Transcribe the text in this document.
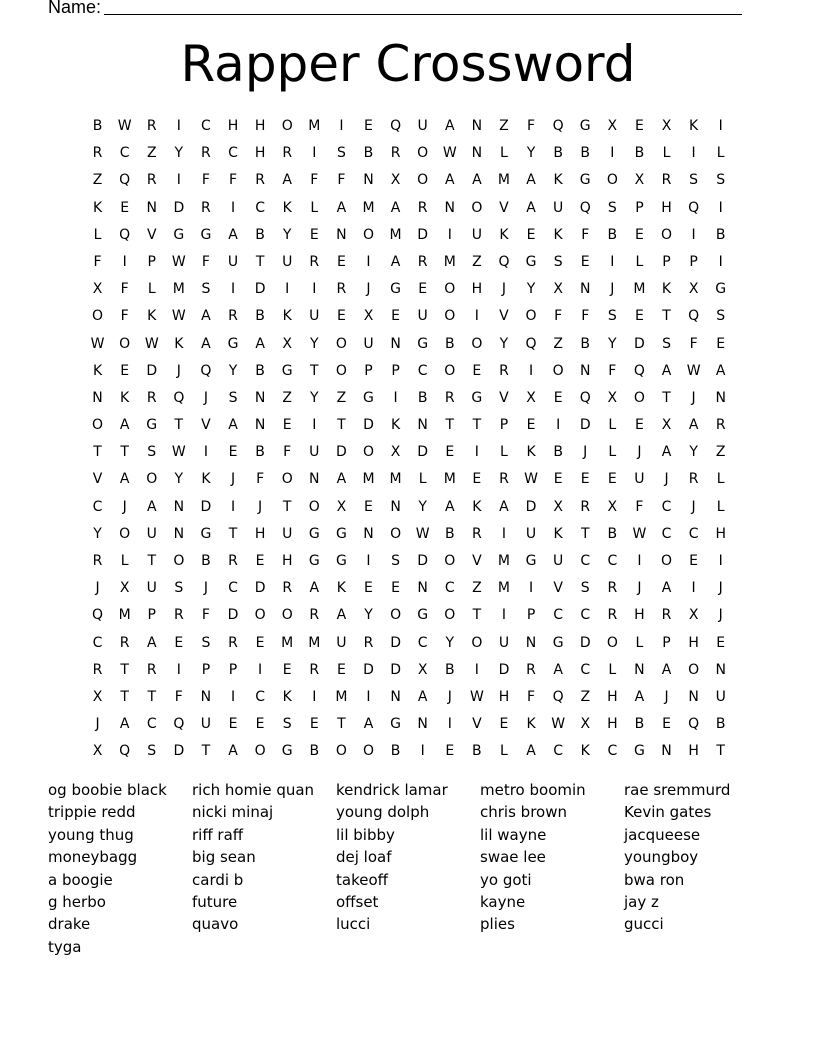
Name:
Rapper Crossword
B	W	R	I	C	H	H	O	M	I	E	Q	U	A	N	Z	F	Q	G	X	E	X	K	I
R	C	Z	Y	R	C	H	R	I	S	B	R	O	W	N	L	Y	B	B	I	B	L	I	L
Z	Q	R	I	F	F	R	A	F	F	N	X	O	A	A	M	A	K	G	O	X	R	S	S
K	E	N	D	R	I	C	K	L	A	M	A	R	N	O	V	A	U	Q	S	P	H	Q	I
L	Q	V	G	G	A	B	Y	E	N	O	M	D	I	U	K	E	K	F	B	E	O	I	B
F	I	P	W	F	U	T	U	R	E	I	A	R	M	Z	Q	G	S	E	I	L	P	P	I
X	F	L	M	S	I	D	I	I	R	J	G	E	O	H	J	Y	X	N	J	M	K	X	G
O	F	K	W	A	R	B	K	U	E	X	E	U	O	I	V	O	F	F	S	E	T	Q	S
W	O	W	K	A	G	A	X	Y	O	U	N	G	B	O	Y	Q	Z	B	Y	D	S	F	E
K	E	D	J	Q	Y	B	G	T	O	P	P	C	O	E	R	I	O	N	F	Q	A	W	A
N	K	R	Q	J	S	N	Z	Y	Z	G	I	B	R	G	V	X	E	Q	X	O	T	J	N
O	A	G	T	V	A	N	E	I	T	D	K	N	T	T	P	E	I	D	L	E	X	A	R
T	T	S	W	I	E	B	F	U	D	O	X	D	E	I	L	K	B	J	L	J	A	Y	Z
V	A	O	Y	K	J	F	O	N	A	M	M	L	M	E	R	W	E	E	E	U	J	R	L
C	J	A	N	D	I	J	T	O	X	E	N	Y	A	K	A	D	X	R	X	F	C	J	L
Y	O	U	N	G	T	H	U	G	G	N	O	W	B	R	I	U	K	T	B	W	C	C	H
R	L	T	O	B	R	E	H	G	G	I	S	D	O	V	M	G	U	C	C	I	O	E	I
J	X	U	S	J	C	D	R	A	K	E	E	N	C	Z	M	I	V	S	R	J	A	I	J
Q	M	P	R	F	D	O	O	R	A	Y	O	G	O	T	I	P	C	C	R	H	R	X	J
C	R	A	E	S	R	E	M	M	U	R	D	C	Y	O	U	N	G	D	O	L	P	H	E
R	T	R	I	P	P	I	E	R	E	D	D	X	B	I	D	R	A	C	L	N	A	O	N
X	T	T	F	N	I	C	K	I	M	I	N	A	J	W	H	F	Q	Z	H	A	J	N	U
J	A	C	Q	U	E	E	S	E	T	A	G	N	I	V	E	K	W	X	H	B	E	Q	B
X	Q	S	D	T	A	O	G	B	O	O	B	I	E	B	L	A	C	K	C	G	N	H	T
og boobie black	rich homie quan	kendrick lamar	metro boomin	rae sremmurd
trippie redd	nicki minaj	young dolph	chris brown	Kevin gates
young thug	riff raff	lil bibby	lil wayne	jacqueese
moneybagg	big sean	dej loaf	swae lee	youngboy
a boogie	cardi b	takeoff	yo goti	bwa ron
g herbo	future	offset	kayne	jay z
drake	quavo	lucci	plies	gucci
tyga
